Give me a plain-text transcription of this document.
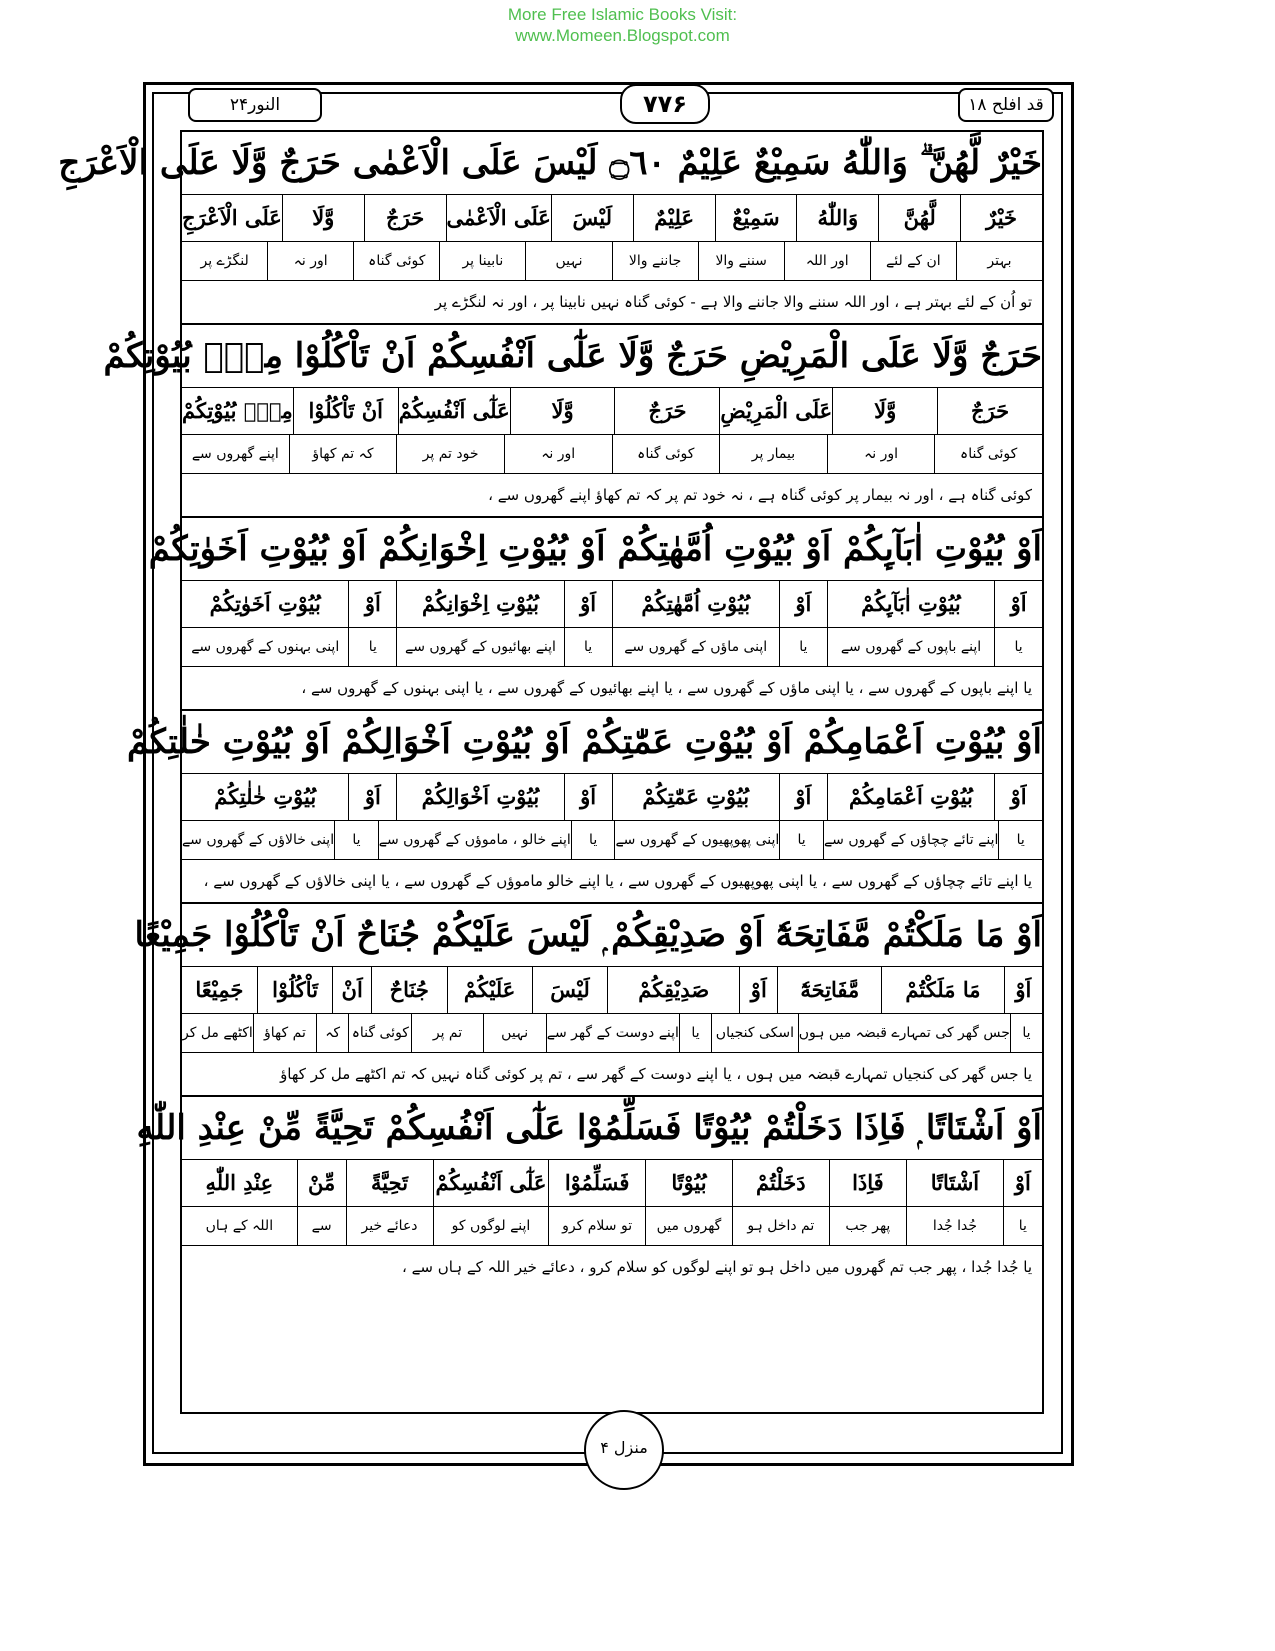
More Free Islamic Books Visit:
www.Momeen.Blogspot.com
النور۲۴	۷۷۶	قد افلح ۱۸
خَيْرٌ لَّهُنَّ ۗ وَاللّٰهُ سَمِيْعٌ عَلِيْمٌ ۝٦٠ لَيْسَ عَلَى الْاَعْمٰى حَرَجٌ وَّلَا عَلَى الْاَعْرَجِ
خَيْرٌ
لَّهُنَّ
وَاللّٰهُ
سَمِيْعٌ
عَلِيْمٌ
لَيْسَ
عَلَى الْاَعْمٰى
حَرَجٌ
وَّلَا
عَلَى الْاَعْرَجِ
بہتر
ان کے لئے
اور اللہ
سننے والا
جاننے والا
نہیں
نابینا پر
کوئی گناہ
اور نہ
لنگڑے پر
تو اُن کے لئے بہتر ہے ، اور اللہ سننے والا جاننے والا ہے - کوئی گناہ نہیں نابینا پر ، اور نہ لنگڑے پر
حَرَجٌ وَّلَا عَلَى الْمَرِيْضِ حَرَجٌ وَّلَا عَلٰٓى اَنْفُسِكُمْ اَنْ تَاْكُلُوْا مِنْۢ بُيُوْتِكُمْ
حَرَجٌ
وَّلَا
عَلَى الْمَرِيْضِ
حَرَجٌ
وَّلَا
عَلٰٓى اَنْفُسِكُمْ
اَنْ تَاْكُلُوْا
مِنْۢ بُيُوْتِكُمْ
کوئی گناہ
اور نہ
بیمار پر
کوئی گناہ
اور نہ
خود تم پر
کہ تم کھاؤ
اپنے گھروں سے
کوئی گناہ ہے ، اور نہ بیمار پر کوئی گناہ ہے ، نہ خود تم پر کہ تم کھاؤ اپنے گھروں سے ،
اَوْ بُيُوْتِ اٰبَآىِٕكُمْ اَوْ بُيُوْتِ اُمَّهٰتِكُمْ اَوْ بُيُوْتِ اِخْوَانِكُمْ اَوْ بُيُوْتِ اَخَوٰتِكُمْ
اَوْ
بُيُوْتِ اٰبَآىِٕكُمْ
اَوْ
بُيُوْتِ اُمَّهٰتِكُمْ
اَوْ
بُيُوْتِ اِخْوَانِكُمْ
اَوْ
بُيُوْتِ اَخَوٰتِكُمْ
یا
اپنے باپوں کے گھروں سے
یا
اپنی ماؤں کے گھروں سے
یا
اپنے بھائیوں کے گھروں سے
یا
اپنی بہنوں کے گھروں سے
یا اپنے باپوں کے گھروں سے ، یا اپنی ماؤں کے گھروں سے ، یا اپنے بھائیوں کے گھروں سے ، یا اپنی بہنوں کے گھروں سے ،
اَوْ بُيُوْتِ اَعْمَامِكُمْ اَوْ بُيُوْتِ عَمّٰتِكُمْ اَوْ بُيُوْتِ اَخْوَالِكُمْ اَوْ بُيُوْتِ خٰلٰتِكُمْ
اَوْ
بُيُوْتِ اَعْمَامِكُمْ
اَوْ
بُيُوْتِ عَمّٰتِكُمْ
اَوْ
بُيُوْتِ اَخْوَالِكُمْ
اَوْ
بُيُوْتِ خٰلٰتِكُمْ
یا
اپنے تائے چچاؤں کے گھروں سے
یا
اپنی پھوپھیوں کے گھروں سے
یا
اپنے خالو ، ماموؤں کے گھروں سے
یا
اپنی خالاؤں کے گھروں سے
یا اپنے تائے چچاؤں کے گھروں سے ، یا اپنی پھوپھیوں کے گھروں سے ، یا اپنے خالو ماموؤں کے گھروں سے ، یا اپنی خالاؤں کے گھروں سے ،
اَوْ مَا مَلَكْتُمْ مَّفَاتِحَهٗٓ اَوْ صَدِيْقِكُمْ ۭ لَيْسَ عَلَيْكُمْ جُنَاحٌ اَنْ تَاْكُلُوْا جَمِيْعًا
اَوْ
مَا مَلَكْتُمْ
مَّفَاتِحَهٗٓ
اَوْ
صَدِيْقِكُمْ
لَيْسَ
عَلَيْكُمْ
جُنَاحٌ
اَنْ
تَاْكُلُوْا
جَمِيْعًا
یا
جس گھر کی تمہارے قبضہ میں ہوں
اسکی کنجیاں
یا
اپنے دوست کے گھر سے
نہیں
تم پر
کوئی گناہ
کہ
تم کھاؤ
اکٹھے مل کر
یا جس گھر کی کنجیاں تمہارے قبضہ میں ہوں ، یا اپنے دوست کے گھر سے ، تم پر کوئی گناہ نہیں کہ تم اکٹھے مل کر کھاؤ
اَوْ اَشْتَاتًا ۭ فَاِذَا دَخَلْتُمْ بُيُوْتًا فَسَلِّمُوْا عَلٰٓى اَنْفُسِكُمْ تَحِيَّةً مِّنْ عِنْدِ اللّٰهِ
اَوْ
اَشْتَاتًا
فَاِذَا
دَخَلْتُمْ
بُيُوْتًا
فَسَلِّمُوْا
عَلٰٓى اَنْفُسِكُمْ
تَحِيَّةً
مِّنْ
عِنْدِ اللّٰهِ
یا
جُدا جُدا
پھر جب
تم داخل ہو
گھروں میں
تو سلام کرو
اپنے لوگوں کو
دعائے خیر
سے
اللہ کے ہاں
یا جُدا جُدا ، پھر جب تم گھروں میں داخل ہو تو اپنے لوگوں کو سلام کرو ، دعائے خیر اللہ کے ہاں سے ،
منزل ۴
